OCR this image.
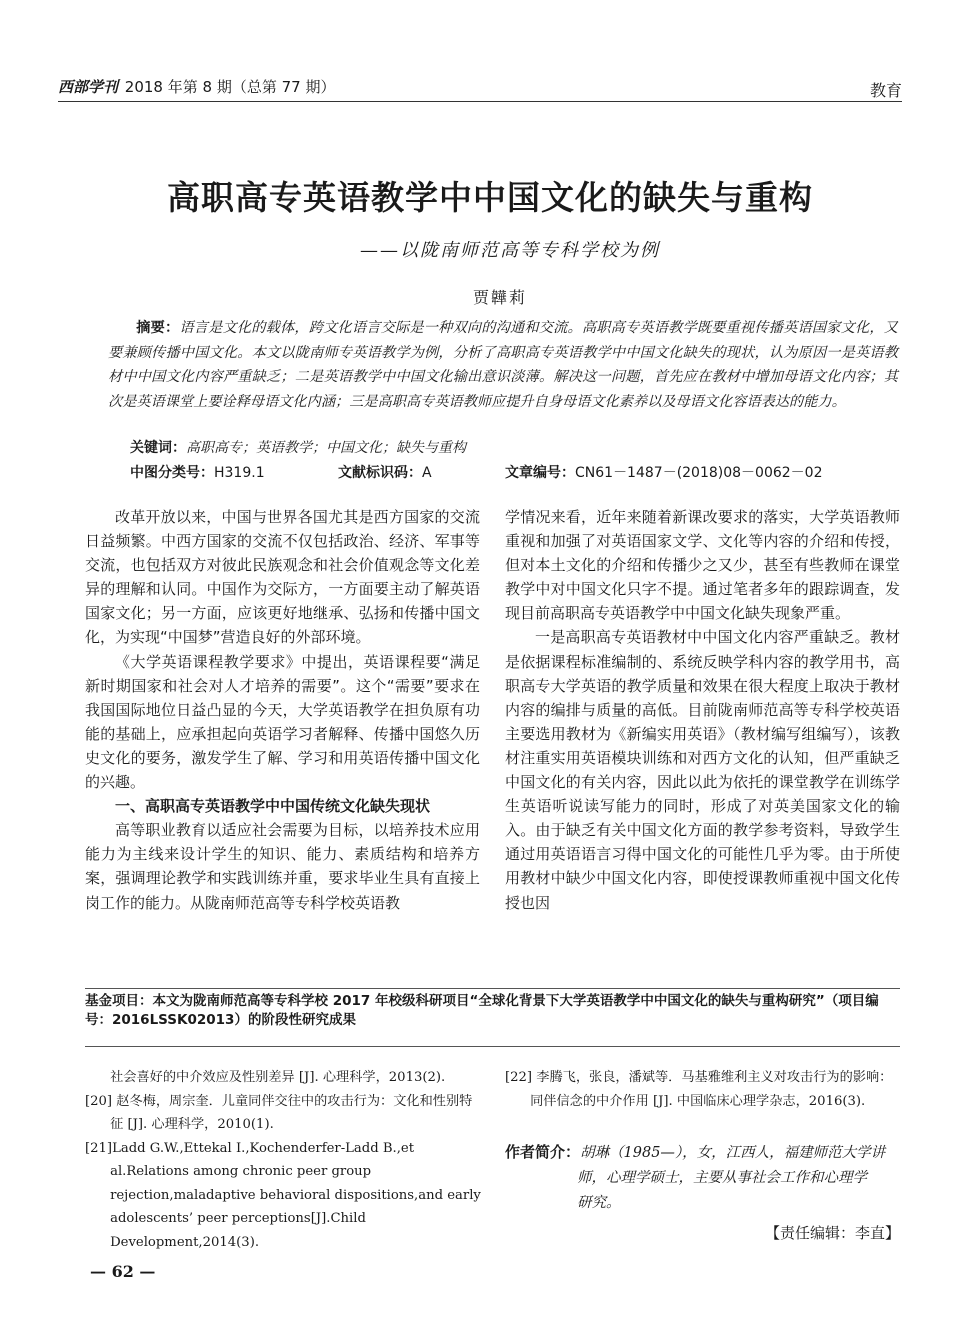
西部学刊 2018 年第 8 期（总第 77 期）	教育
高职高专英语教学中中国文化的缺失与重构
——以陇南师范高等专科学校为例
贾韡莉
摘要：语言是文化的载体，跨文化语言交际是一种双向的沟通和交流。高职高专英语教学既要重视传播英语国家文化，又要兼顾传播中国文化。本文以陇南师专英语教学为例，分析了高职高专英语教学中中国文化缺失的现状，认为原因一是英语教材中中国文化内容严重缺乏；二是英语教学中中国文化输出意识淡薄。解决这一问题，首先应在教材中增加母语文化内容；其次是英语课堂上要诠释母语文化内涵；三是高职高专英语教师应提升自身母语文化素养以及母语文化容语表达的能力。
关键词：高职高专；英语教学；中国文化；缺失与重构
中图分类号：H319.1	文献标识码：A	文章编号：CN61－1487－(2018)08－0062－02

改革开放以来，中国与世界各国尤其是西方国家的交流日益频繁。中西方国家的交流不仅包括政治、经济、军事等交流，也包括双方对彼此民族观念和社会价值观念等文化差异的理解和认同。中国作为交际方，一方面要主动了解英语国家文化；另一方面，应该更好地继承、弘扬和传播中国文化，为实现“中国梦”营造良好的外部环境。

《大学英语课程教学要求》中提出，英语课程要“满足新时期国家和社会对人才培养的需要”。这个“需要”要求在我国国际地位日益凸显的今天，大学英语教学在担负原有功能的基础上，应承担起向英语学习者解释、传播中国悠久历史文化的要务，激发学生了解、学习和用英语传播中国文化的兴趣。

一、高职高专英语教学中中国传统文化缺失现状

高等职业教育以适应社会需要为目标，以培养技术应用能力为主线来设计学生的知识、能力、素质结构和培养方案，强调理论教学和实践训练并重，要求毕业生具有直接上岗工作的能力。从陇南师范高等专科学校英语教

学情况来看，近年来随着新课改要求的落实，大学英语教师重视和加强了对英语国家文学、文化等内容的介绍和传授，但对本土文化的介绍和传播少之又少，甚至有些教师在课堂教学中对中国文化只字不提。通过笔者多年的跟踪调查，发现目前高职高专英语教学中中国文化缺失现象严重。

一是高职高专英语教材中中国文化内容严重缺乏。教材是依据课程标准编制的、系统反映学科内容的教学用书，高职高专大学英语的教学质量和效果在很大程度上取决于教材内容的编排与质量的高低。目前陇南师范高等专科学校英语主要选用教材为《新编实用英语》（教材编写组编写），该教材注重实用英语模块训练和对西方文化的认知，但严重缺乏中国文化的有关内容，因此以此为依托的课堂教学在训练学生英语听说读写能力的同时，形成了对英美国家文化的输入。由于缺乏有关中国文化方面的教学参考资料，导致学生通过用英语语言习得中国文化的可能性几乎为零。由于所使用教材中缺少中国文化内容，即使授课教师重视中国文化传授也因

基金项目：本文为陇南师范高等专科学校 2017 年校级科研项目“全球化背景下大学英语教学中中国文化的缺失与重构研究”（项目编号：2016LSSK02013）的阶段性研究成果
社会喜好的中介效应及性别差异 [J]. 心理科学，2013(2).
[20] 赵冬梅，周宗奎．儿童同伴交往中的攻击行为：文化和性别特征 [J]. 心理科学，2010(1).
[21]Ladd G.W.,Ettekal I.,Kochenderfer-Ladd B.,et al.Relations among chronic peer group rejection,maladaptive behavioral dispositions,and early adolescents’ peer perceptions[J].Child Development,2014(3).
[22] 李腾飞，张良，潘斌等．马基雅维利主义对攻击行为的影响：同伴信念的中介作用 [J]. 中国临床心理学杂志，2016(3).
作者简介：胡琳（1985—），女，江西人，福建师范大学讲
师，心理学硕士，主要从事社会工作和心理学
研究。
【责任编辑：李直】
— 62 —
